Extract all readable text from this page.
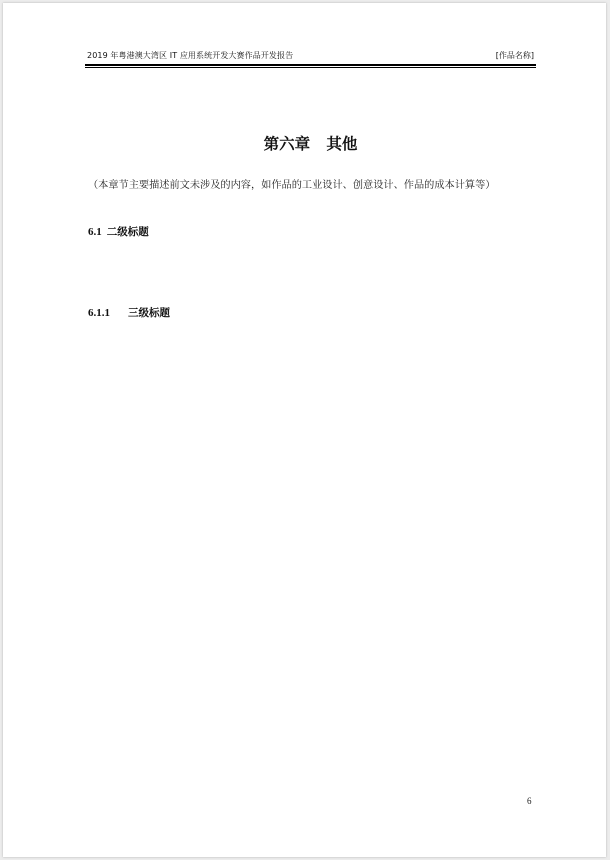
2019 年粤港澳大湾区 IT 应用系统开发大赛作品开发报告	[作品名称]
第六章   其他
（本章节主要描述前文未涉及的内容，如作品的工业设计、创意设计、作品的成本计算等）
6.1 二级标题
6.1.1 三级标题
6
